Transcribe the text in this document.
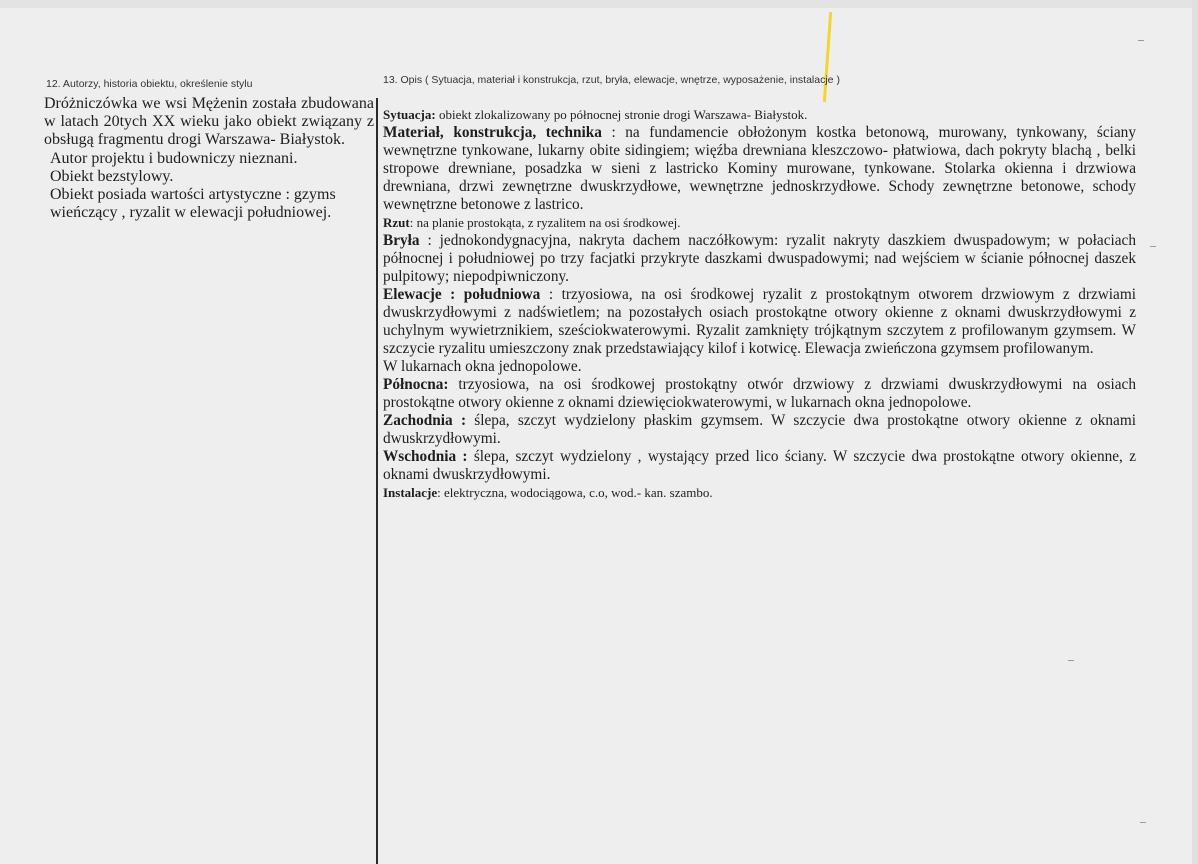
12. Autorzy, historia obiektu, określenie stylu	13. Opis ( Sytuacja, materiał i konstrukcja, rzut, bryła, elewacje, wnętrze, wyposażenie, instalacje )

Dróżniczówka we wsi Mężenin została zbudowana w latach 20tych XX wieku jako obiekt związany z obsługą fragmentu drogi Warszawa- Białystok.

Autor projektu i budowniczy nieznani.

Obiekt bezstylowy.

Obiekt posiada wartości artystyczne : gzyms wieńczący , ryzalit w elewacji południowej.

Sytuacja: obiekt zlokalizowany po północnej stronie drogi Warszawa- Białystok.

Materiał, konstrukcja, technika : na fundamencie obłożonym kostka betonową, murowany, tynkowany, ściany wewnętrzne tynkowane, lukarny obite sidingiem; więźba drewniana kleszczowo- płatwiowa, dach pokryty blachą , belki stropowe drewniane, posadzka w sieni z lastricko Kominy murowane, tynkowane. Stolarka okienna i drzwiowa drewniana, drzwi zewnętrzne dwuskrzydłowe, wewnętrzne jednoskrzydłowe. Schody zewnętrzne betonowe, schody wewnętrzne betonowe z lastrico.

Rzut: na planie prostokąta, z ryzalitem na osi środkowej.

Bryła : jednokondygnacyjna, nakryta dachem naczółkowym: ryzalit nakryty daszkiem dwuspadowym; w połaciach północnej i południowej po trzy facjatki przykryte daszkami dwuspadowymi; nad wejściem w ścianie północnej daszek pulpitowy; niepodpiwniczony.

Elewacje : południowa : trzyosiowa, na osi środkowej ryzalit z prostokątnym otworem drzwiowym z drzwiami dwuskrzydłowymi z nadświetlem; na pozostałych osiach prostokątne otwory okienne z oknami dwuskrzydłowymi z uchylnym wywietrznikiem, sześciokwaterowymi. Ryzalit zamknięty trójkątnym szczytem z profilowanym gzymsem. W szczycie ryzalitu umieszczony znak przedstawiający kilof i kotwicę. Elewacja zwieńczona gzymsem profilowanym.

W lukarnach okna jednopolowe.

Północna: trzyosiowa, na osi środkowej prostokątny otwór drzwiowy z drzwiami dwuskrzydłowymi na osiach prostokątne otwory okienne z oknami dziewięciokwaterowymi, w lukarnach okna jednopolowe.

Zachodnia : ślepa, szczyt wydzielony płaskim gzymsem. W szczycie dwa prostokątne otwory okienne z oknami dwuskrzydłowymi.

Wschodnia : ślepa, szczyt wydzielony , wystający przed lico ściany. W szczycie dwa prostokątne otwory okienne, z oknami dwuskrzydłowymi.

Instalacje: elektryczna, wodociągowa, c.o, wod.- kan. szambo.
